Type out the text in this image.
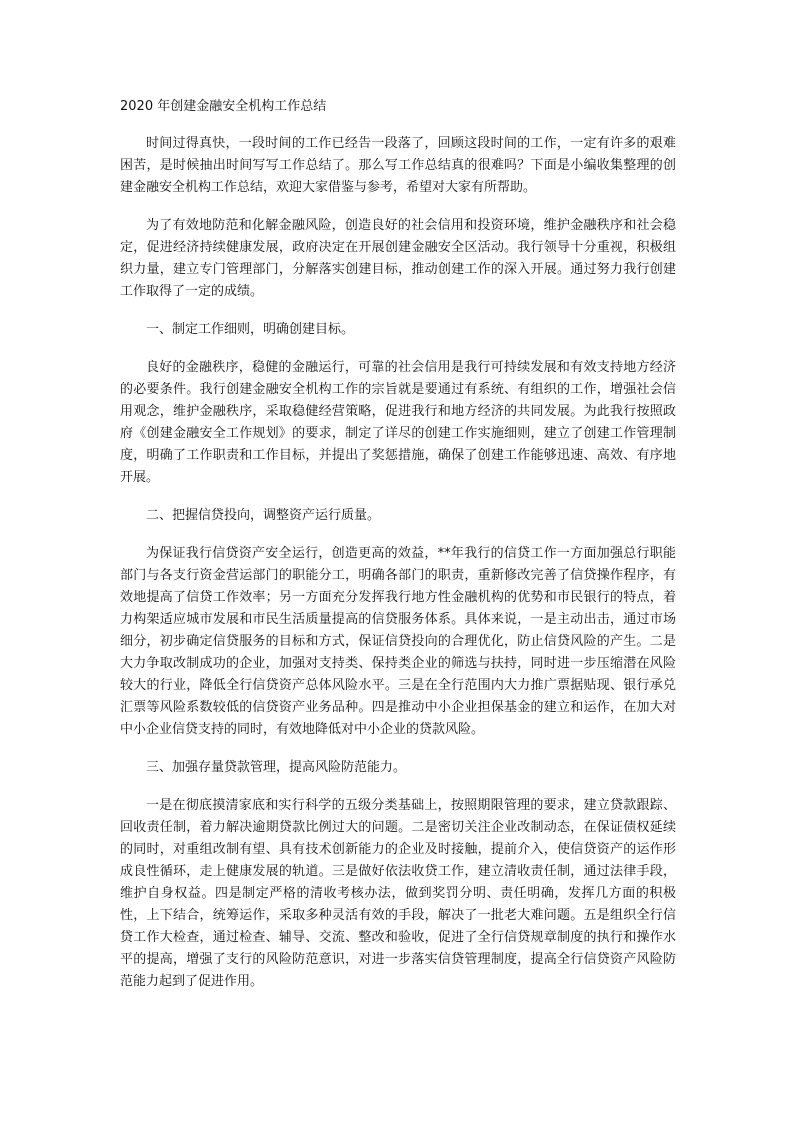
2020 年创建金融安全机构工作总结

时间过得真快，一段时间的工作已经告一段落了，回顾这段时间的工作，一定有许多的艰难困苦，是时候抽出时间写写工作总结了。那么写工作总结真的很难吗？下面是小编收集整理的创建金融安全机构工作总结，欢迎大家借鉴与参考，希望对大家有所帮助。

为了有效地防范和化解金融风险，创造良好的社会信用和投资环境，维护金融秩序和社会稳定，促进经济持续健康发展，政府决定在开展创建金融安全区活动。我行领导十分重视，积极组织力量，建立专门管理部门，分解落实创建目标，推动创建工作的深入开展。通过努力我行创建工作取得了一定的成绩。

一、制定工作细则，明确创建目标。

良好的金融秩序，稳健的金融运行，可靠的社会信用是我行可持续发展和有效支持地方经济的必要条件。我行创建金融安全机构工作的宗旨就是要通过有系统、有组织的工作，增强社会信用观念，维护金融秩序，采取稳健经营策略，促进我行和地方经济的共同发展。为此我行按照政府《创建金融安全工作规划》的要求，制定了详尽的创建工作实施细则，建立了创建工作管理制度，明确了工作职责和工作目标，并提出了奖惩措施，确保了创建工作能够迅速、高效、有序地开展。

二、把握信贷投向，调整资产运行质量。

为保证我行信贷资产安全运行，创造更高的效益，**年我行的信贷工作一方面加强总行职能部门与各支行资金营运部门的职能分工，明确各部门的职责，重新修改完善了信贷操作程序，有效地提高了信贷工作效率；另一方面充分发挥我行地方性金融机构的优势和市民银行的特点，着力构架适应城市发展和市民生活质量提高的信贷服务体系。具体来说，一是主动出击，通过市场细分，初步确定信贷服务的目标和方式，保证信贷投向的合理优化，防止信贷风险的产生。二是大力争取改制成功的企业，加强对支持类、保持类企业的筛选与扶持，同时进一步压缩潜在风险较大的行业，降低全行信贷资产总体风险水平。三是在全行范围内大力推广票据贴现、银行承兑汇票等风险系数较低的信贷资产业务品种。四是推动中小企业担保基金的建立和运作，在加大对中小企业信贷支持的同时，有效地降低对中小企业的贷款风险。

三、加强存量贷款管理，提高风险防范能力。

一是在彻底摸清家底和实行科学的五级分类基础上，按照期限管理的要求，建立贷款跟踪、回收责任制，着力解决逾期贷款比例过大的问题。二是密切关注企业改制动态，在保证债权延续的同时，对重组改制有望、具有技术创新能力的企业及时接触，提前介入，使信贷资产的运作形成良性循环，走上健康发展的轨道。三是做好依法收贷工作，建立清收责任制，通过法律手段，维护自身权益。四是制定严格的清收考核办法，做到奖罚分明、责任明确，发挥几方面的积极性，上下结合，统筹运作，采取多种灵活有效的手段，解决了一批老大难问题。五是组织全行信贷工作大检查，通过检查、辅导、交流、整改和验收，促进了全行信贷规章制度的执行和操作水平的提高，增强了支行的风险防范意识，对进一步落实信贷管理制度，提高全行信贷资产风险防范能力起到了促进作用。
